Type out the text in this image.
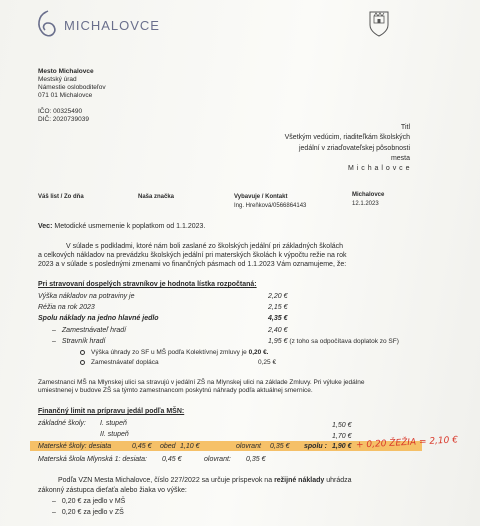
MICHALOVCE
Mesto Michalovce
Mestský úrad
Námestie osloboditeľov
071 01 Michalovce
IČO: 00325490
DIČ: 2020739039
Titl
Všetkým vedúcim, riaditeľkám školských
jedální v zriaďovateľskej pôsobnosti
mesta
M i c h a l o v c e
Váš list / Zo dňa	Naša značka	Vybavuje / Kontakt	Michalovce
Ing. Hreňková/0566864143	12.1.2023
Vec: Metodické usmernenie k poplatkom od 1.1.2023.
V súlade s podkladmi, ktoré nám boli zaslané zo školských jedální pri základných školách
a celkových nákladov na prevádzku školských jedální pri materských školách k výpočtu režie na rok
2023 a v súlade s poslednými zmenami vo finančných pásmach od 1.1.2023 Vám oznamujeme, že:
Pri stravovaní dospelých stravníkov je hodnota lístka rozpočtaná:
Výška nákladov na potraviny je	2,20 €
Réžia na rok 2023	2,15 €
Spolu náklady na jedno hlavné jedlo	4,35 €
– Zamestnávateľ hradí	2,40 €
– Stravník hradí	1,95 € (z toho sa odpočítava doplatok zo SF)
Výška úhrady zo SF u MŠ podľa Kolektívnej zmluvy je 0,20 €.
Zamestnávateľ dopláca	0,25 €
Zamestnanci MŠ na Mlynskej ulici sa stravujú v jedální ZŠ na Mlynskej ulici na základe Zmluvy. Pri výluke jedálne
umiestnenej v budove ZŠ sa týmto zamestnancom poskytnú náhrady podľa aktuálnej smernice.
Finančný limit na prípravu jedál podľa MŠN:
základné školy: I. stupeň	1,50 €
II. stupeň	1,70 €
Materské školy: desiata	0,45 € obed 1,10 €	olovrant 0,35 € spolu : 1,90 € + 0,20 ŽEŽIA = 2,10 €
Materská škola Mlynská 1: desiata: 0,45 €	olovrant: 0,35 €
Podľa VZN Mesta Michalovce, číslo 227/2022 sa určuje príspevok na režijné náklady uhrádza
zákonný zástupca dieťaťa alebo žiaka vo výške:
– 0,20 € za jedlo v MŠ
– 0,20 € za jedlo v ZŠ
